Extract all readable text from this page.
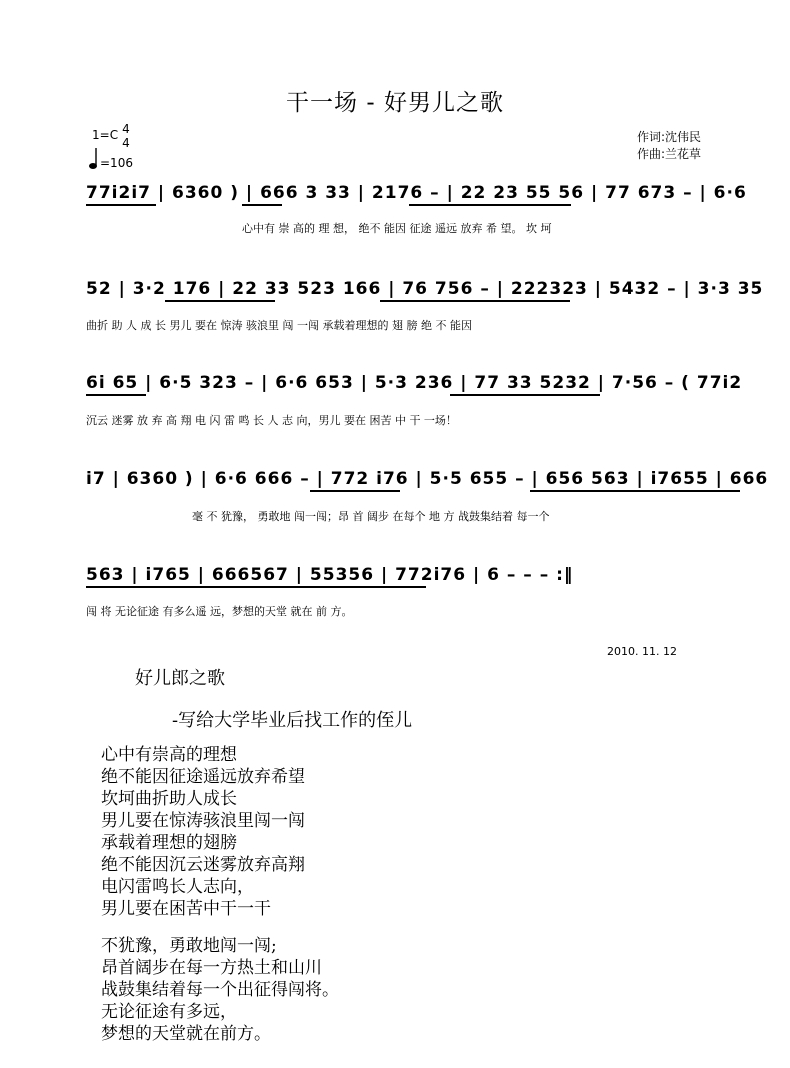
干一场 - 好男儿之歌
1=C 4
4
=106
作词:沈伟民
作曲:兰花草
77i2i7 | 6360 ) | 666 3 33 | 2176 – | 22 23 55 56 | 77 673 – | 6·6
心中有 崇 高的 理 想， 绝不 能因 征途 遥远 放弃 希 望。 坎 坷
52 | 3·2 176 | 22 33 523 166 | 76 756 – | 222323 | 5432 – | 3·3 35
曲折 助 人 成 长 男儿 要在 惊涛 骇浪里 闯 一闯 承载着理想的 翅 膀 绝 不 能因
6i 65 | 6·5 323 – | 6·6 653 | 5·3 236 | 77 33 5232 | 7·56 – ( 77i2
沉云 迷雾 放 弃 高 翔 电 闪 雷 鸣 长 人 志 向，男儿 要在 困苦 中 干 一场！
i7 | 6360 ) | 6·6 666 – | 772 i76 | 5·5 655 – | 656 563 | i7655 | 666
毫 不 犹豫， 勇敢地 闯一闯；昂 首 阔步 在每个 地 方 战鼓集结着 每一个
563 | i765 | 666567 | 55356 | 772i76 | 6 – – – :‖
闯 将 无论征途 有多么遥 远，梦想的天堂 就在 前 方。
2010. 11. 12
好儿郎之歌
-写给大学毕业后找工作的侄儿
心中有崇高的理想
绝不能因征途遥远放弃希望
坎坷曲折助人成长
男儿要在惊涛骇浪里闯一闯
承载着理想的翅膀
绝不能因沉云迷雾放弃高翔
电闪雷鸣长人志向，
男儿要在困苦中干一干
不犹豫，勇敢地闯一闯;
昂首阔步在每一方热土和山川
战鼓集结着每一个出征得闯将。
无论征途有多远，
梦想的天堂就在前方。
